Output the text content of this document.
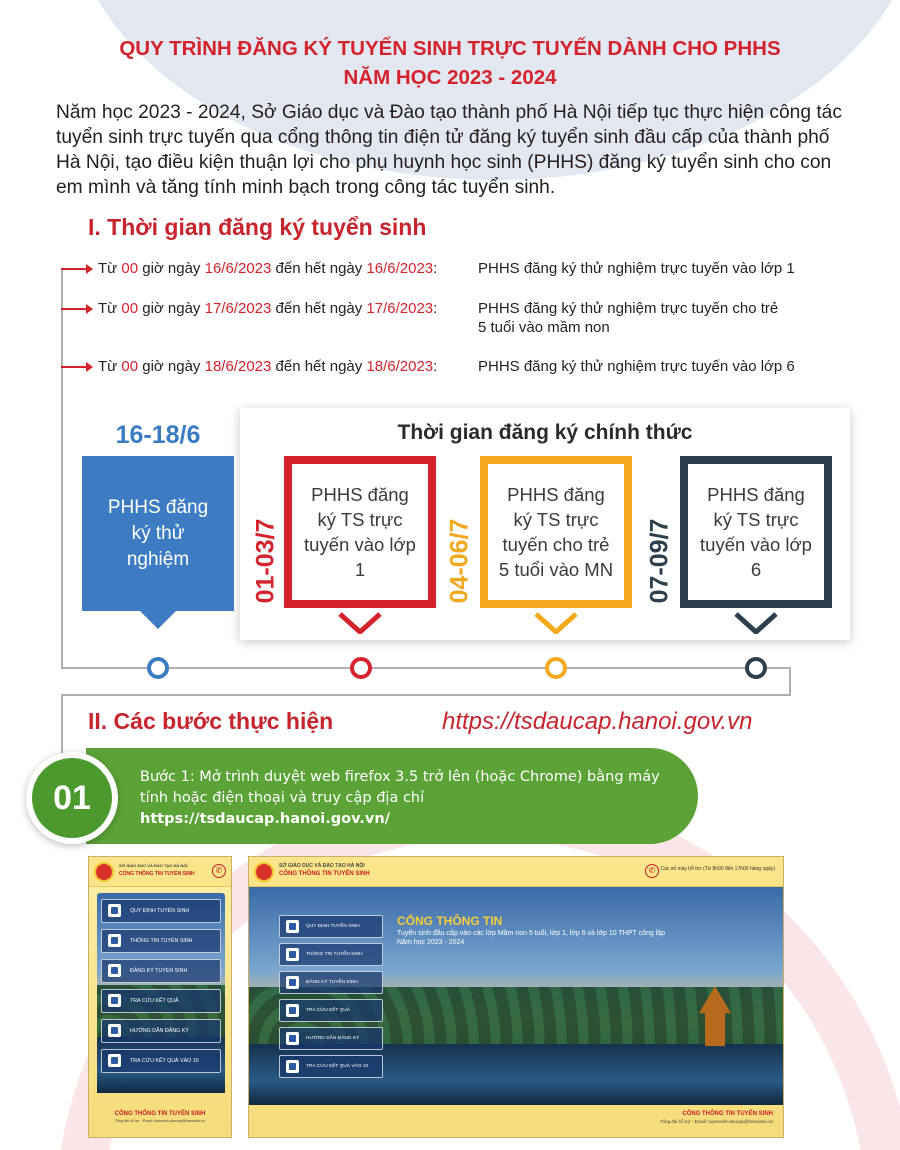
QUY TRÌNH ĐĂNG KÝ TUYỂN SINH TRỰC TUYẾN DÀNH CHO PHHS
NĂM HỌC 2023 - 2024

Năm học 2023 - 2024, Sở Giáo dục và Đào tạo thành phố Hà Nội tiếp tục thực hiện công tác tuyển sinh trực tuyến qua cổng thông tin điện tử đăng ký tuyển sinh đầu cấp của thành phố Hà Nội, tạo điều kiện thuận lợi cho phụ huynh học sinh (PHHS) đăng ký tuyển sinh cho con em mình và tăng tính minh bạch trong công tác tuyển sinh.

I. Thời gian đăng ký tuyển sinh
Từ 00 giờ ngày 16/6/2023 đến hết ngày 16/6/2023:	PHHS đăng ký thử nghiệm trực tuyến vào lớp 1
Từ 00 giờ ngày 17/6/2023 đến hết ngày 17/6/2023:	PHHS đăng ký thử nghiệm trực tuyến cho trẻ
5 tuổi vào mầm non
Từ 00 giờ ngày 18/6/2023 đến hết ngày 18/6/2023:	PHHS đăng ký thử nghiệm trực tuyến vào lớp 6
Thời gian đăng ký chính thức
16-18/6
PHHS đăng ký thử nghiệm	01-03/7
PHHS đăng ký TS trực tuyến vào lớp 1	04-06/7
PHHS đăng ký TS trực tuyến cho trẻ 5 tuổi vào MN 07-09/7
PHHS đăng ký TS trực tuyến vào lớp 6
II. Các bước thực hiện	https://tsdaucap.hanoi.gov.vn
01
Bước 1: Mở trình duyệt web firefox 3.5 trở lên (hoặc Chrome) bằng máy tính hoặc điện thoại và truy cập địa chỉ https://tsdaucap.hanoi.gov.vn/
SỞ GIÁO DỤC VÀ ĐÀO TẠO HÀ NỘI
CỔNG THÔNG TIN TUYỂN SINH	✆
QUY ĐỊNH TUYỂN SINH
THÔNG TIN TUYỂN SINH
ĐĂNG KÝ TUYỂN SINH
TRA CỨU KẾT QUẢ
HƯỚNG DẪN ĐĂNG KÝ
TRA CỨU KẾT QUẢ VÀO 10
CỔNG THÔNG TIN TUYỂN SINH
Tổng đài hỗ trợ - Email: tuyensinh-daucap@hanoiedu.vn
SỞ GIÁO DỤC VÀ ĐÀO TẠO HÀ NỘI
CỔNG THÔNG TIN TUYỂN SINH	✆	Các số máy hỗ trợ (Từ 8h00 đến 17h00 hàng ngày)
QUY ĐỊNH TUYỂN SINH
THÔNG TIN TUYỂN SINH
ĐĂNG KÝ TUYỂN SINH
TRA CỨU KẾT QUẢ
HƯỚNG DẪN ĐĂNG KÝ
TRA CỨU KẾT QUẢ VÀO 10
CỔNG THÔNG TIN
Tuyển sinh đầu cấp vào các lớp Mầm non 5 tuổi, lớp 1, lớp 6 và lớp 10 THPT công lập
Năm học 2023 - 2024
CỔNG THÔNG TIN TUYỂN SINH
Tổng đài hỗ trợ - Email: tuyensinh-daucap@hanoiedu.vn
